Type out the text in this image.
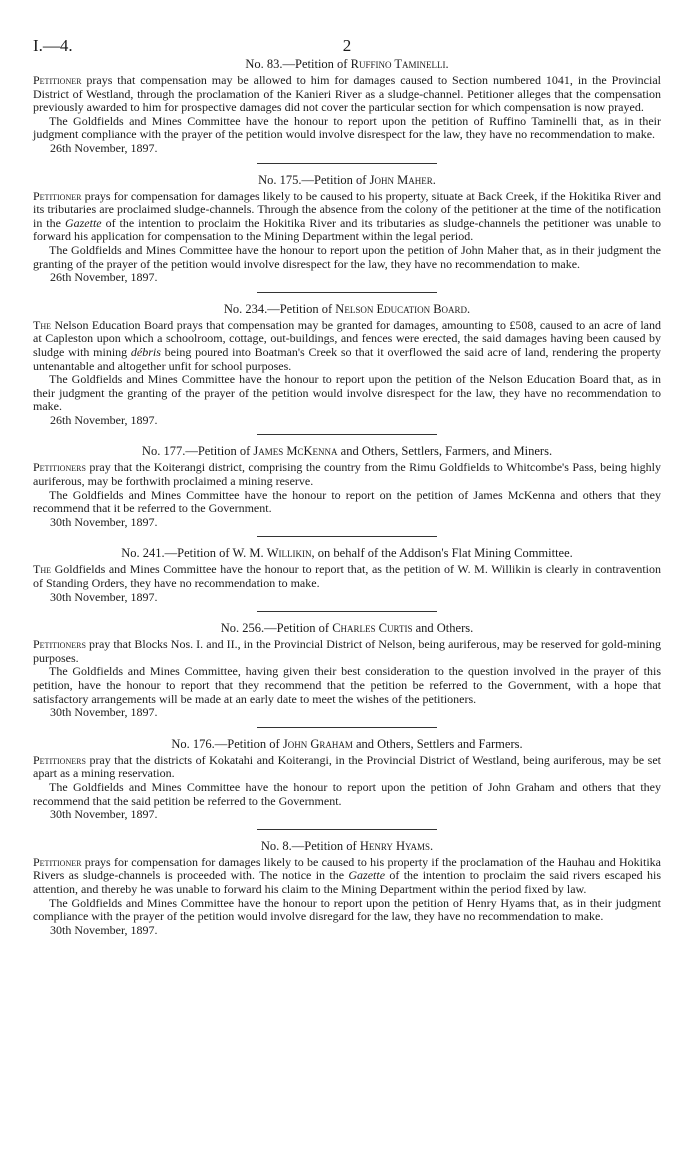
I.—4.	2

No. 83.—Petition of Ruffino Taminelli.

Petitioner prays that compensation may be allowed to him for damages caused to Section numbered 1041, in the Provincial District of Westland, through the proclamation of the Kanieri River as a sludge-channel. Petitioner alleges that the compensation previously awarded to him for prospective damages did not cover the particular section for which compensation is now prayed.

The Goldfields and Mines Committee have the honour to report upon the petition of Ruffino Taminelli that, as in their judgment compliance with the prayer of the petition would involve disrespect for the law, they have no recommendation to make.

26th November, 1897.

No. 175.—Petition of John Maher.

Petitioner prays for compensation for damages likely to be caused to his property, situate at Back Creek, if the Hokitika River and its tributaries are proclaimed sludge-channels. Through the absence from the colony of the petitioner at the time of the notification in the Gazette of the intention to proclaim the Hokitika River and its tributaries as sludge-channels the petitioner was unable to forward his application for compensation to the Mining Department within the legal period.

The Goldfields and Mines Committee have the honour to report upon the petition of John Maher that, as in their judgment the granting of the prayer of the petition would involve disrespect for the law, they have no recommendation to make.

26th November, 1897.

No. 234.—Petition of Nelson Education Board.

The Nelson Education Board prays that compensation may be granted for damages, amounting to £508, caused to an acre of land at Capleston upon which a schoolroom, cottage, out-buildings, and fences were erected, the said damages having been caused by sludge with mining débris being poured into Boatman's Creek so that it overflowed the said acre of land, rendering the property untenantable and altogether unfit for school purposes.

The Goldfields and Mines Committee have the honour to report upon the petition of the Nelson Education Board that, as in their judgment the granting of the prayer of the petition would involve disrespect for the law, they have no recommendation to make.

26th November, 1897.

No. 177.—Petition of James McKenna and Others, Settlers, Farmers, and Miners.

Petitioners pray that the Koiterangi district, comprising the country from the Rimu Goldfields to Whitcombe's Pass, being highly auriferous, may be forthwith proclaimed a mining reserve.

The Goldfields and Mines Committee have the honour to report on the petition of James McKenna and others that they recommend that it be referred to the Government.

30th November, 1897.

No. 241.—Petition of W. M. Willikin, on behalf of the Addison's Flat Mining Committee.

The Goldfields and Mines Committee have the honour to report that, as the petition of W. M. Willikin is clearly in contravention of Standing Orders, they have no recommendation to make.

30th November, 1897.

No. 256.—Petition of Charles Curtis and Others.

Petitioners pray that Blocks Nos. I. and II., in the Provincial District of Nelson, being auriferous, may be reserved for gold-mining purposes.

The Goldfields and Mines Committee, having given their best consideration to the question involved in the prayer of this petition, have the honour to report that they recommend that the petition be referred to the Government, with a hope that satisfactory arrangements will be made at an early date to meet the wishes of the petitioners.

30th November, 1897.

No. 176.—Petition of John Graham and Others, Settlers and Farmers.

Petitioners pray that the districts of Kokatahi and Koiterangi, in the Provincial District of Westland, being auriferous, may be set apart as a mining reservation.

The Goldfields and Mines Committee have the honour to report upon the petition of John Graham and others that they recommend that the said petition be referred to the Government.

30th November, 1897.

No. 8.—Petition of Henry Hyams.

Petitioner prays for compensation for damages likely to be caused to his property if the proclamation of the Hauhau and Hokitika Rivers as sludge-channels is proceeded with. The notice in the Gazette of the intention to proclaim the said rivers escaped his attention, and thereby he was unable to forward his claim to the Mining Department within the period fixed by law.

The Goldfields and Mines Committee have the honour to report upon the petition of Henry Hyams that, as in their judgment compliance with the prayer of the petition would involve disregard for the law, they have no recommendation to make.

30th November, 1897.
